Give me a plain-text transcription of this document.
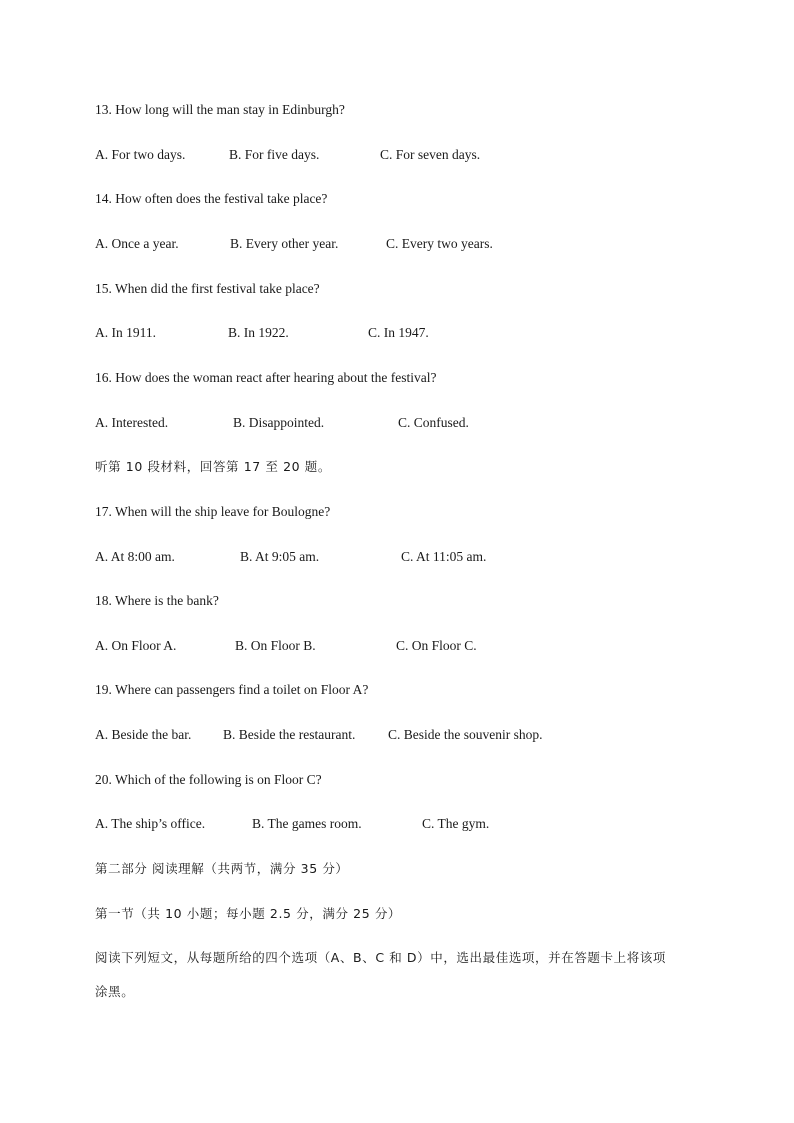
13. How long will the man stay in Edinburgh?
A. For two days.	B. For five days.	C. For seven days.
14. How often does the festival take place?
A. Once a year.	B. Every other year.	C. Every two years.
15. When did the first festival take place?
A. In 1911.	B. In 1922.	C. In 1947.
16. How does the woman react after hearing about the festival?
A. Interested.	B. Disappointed.	C. Confused.
听第 10 段材料，回答第 17 至 20 题。
17. When will the ship leave for Boulogne?
A. At 8:00 am.	B. At 9:05 am.	C. At 11:05 am.
18. Where is the bank?
A. On Floor A.	B. On Floor B.	C. On Floor C.
19. Where can passengers find a toilet on Floor A?
A. Beside the bar. B. Beside the restaurant. C. Beside the souvenir shop.
20. Which of the following is on Floor C?
A. The ship’s office.	B. The games room.	C. The gym.
第二部分 阅读理解（共两节，满分 35 分）
第一节（共 10 小题；每小题 2.5 分，满分 25 分）
阅读下列短文，从每题所给的四个选项（A、B、C 和 D）中，选出最佳选项，并在答题卡上将该项
涂黑。
